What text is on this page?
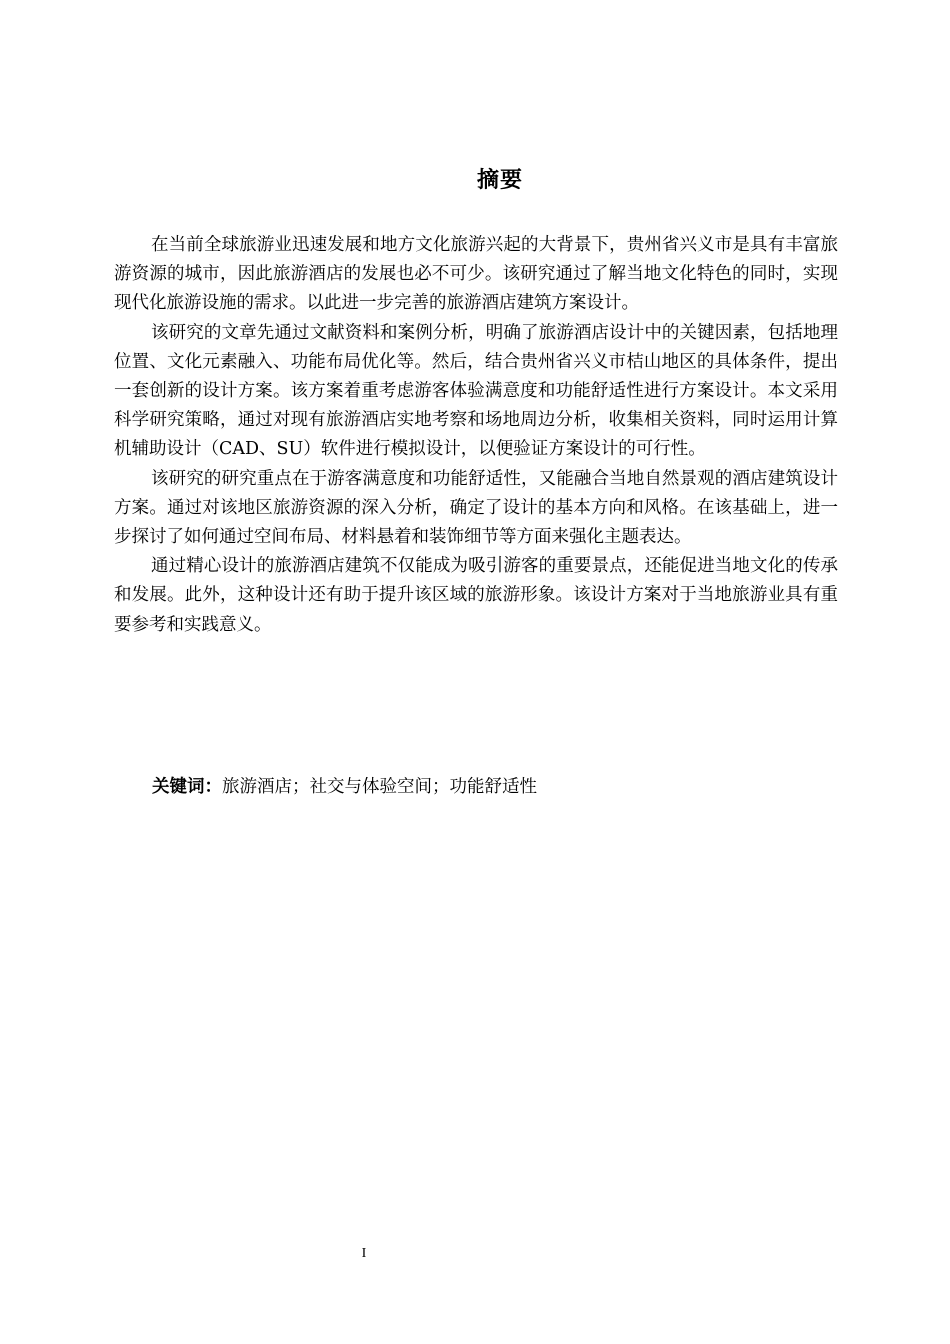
摘要

在当前全球旅游业迅速发展和地方文化旅游兴起的大背景下，贵州省兴义市是具有丰富旅游资源的城市，因此旅游酒店的发展也必不可少。该研究通过了解当地文化特色的同时，实现现代化旅游设施的需求。以此进一步完善的旅游酒店建筑方案设计。

该研究的文章先通过文献资料和案例分析，明确了旅游酒店设计中的关键因素，包括地理位置、文化元素融入、功能布局优化等。然后，结合贵州省兴义市桔山地区的具体条件，提出一套创新的设计方案。该方案着重考虑游客体验满意度和功能舒适性进行方案设计。本文采用科学研究策略，通过对现有旅游酒店实地考察和场地周边分析，收集相关资料，同时运用计算机辅助设计（CAD、SU）软件进行模拟设计，以便验证方案设计的可行性。

该研究的研究重点在于游客满意度和功能舒适性，又能融合当地自然景观的酒店建筑设计方案。通过对该地区旅游资源的深入分析，确定了设计的基本方向和风格。在该基础上，进一步探讨了如何通过空间布局、材料悬着和装饰细节等方面来强化主题表达。

通过精心设计的旅游酒店建筑不仅能成为吸引游客的重要景点，还能促进当地文化的传承和发展。此外，这种设计还有助于提升该区域的旅游形象。该设计方案对于当地旅游业具有重要参考和实践意义。

关键词：旅游酒店；社交与体验空间；功能舒适性
I
